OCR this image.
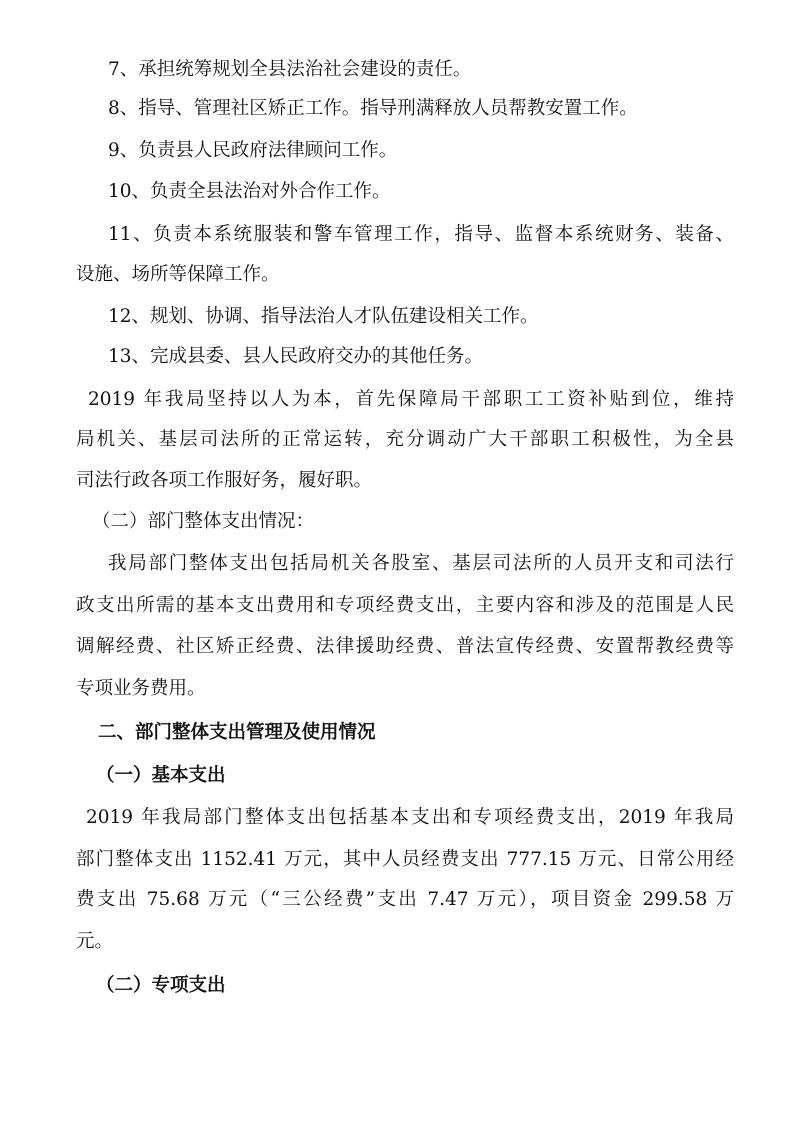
7、承担统筹规划全县法治社会建设的责任。

8、指导、管理社区矫正工作。指导刑满释放人员帮教安置工作。

9、负责县人民政府法律顾问工作。

10、负责全县法治对外合作工作。

11、负责本系统服装和警车管理工作，指导、监督本系统财务、装备、

设施、场所等保障工作。

12、规划、协调、指导法治人才队伍建设相关工作。

13、完成县委、县人民政府交办的其他任务。

2019 年我局坚持以人为本，首先保障局干部职工工资补贴到位，维持

局机关、基层司法所的正常运转，充分调动广大干部职工积极性，为全县

司法行政各项工作服好务，履好职。

（二）部门整体支出情况：

我局部门整体支出包括局机关各股室、基层司法所的人员开支和司法行

政支出所需的基本支出费用和专项经费支出，主要内容和涉及的范围是人民

调解经费、社区矫正经费、法律援助经费、普法宣传经费、安置帮教经费等

专项业务费用。

二、部门整体支出管理及使用情况

（一）基本支出

2019 年我局部门整体支出包括基本支出和专项经费支出，2019 年我局

部门整体支出 1152.41 万元，其中人员经费支出 777.15 万元、日常公用经

费支出 75.68 万元（“三公经费”支出 7.47 万元），项目资金 299.58 万

元。

（二）专项支出
